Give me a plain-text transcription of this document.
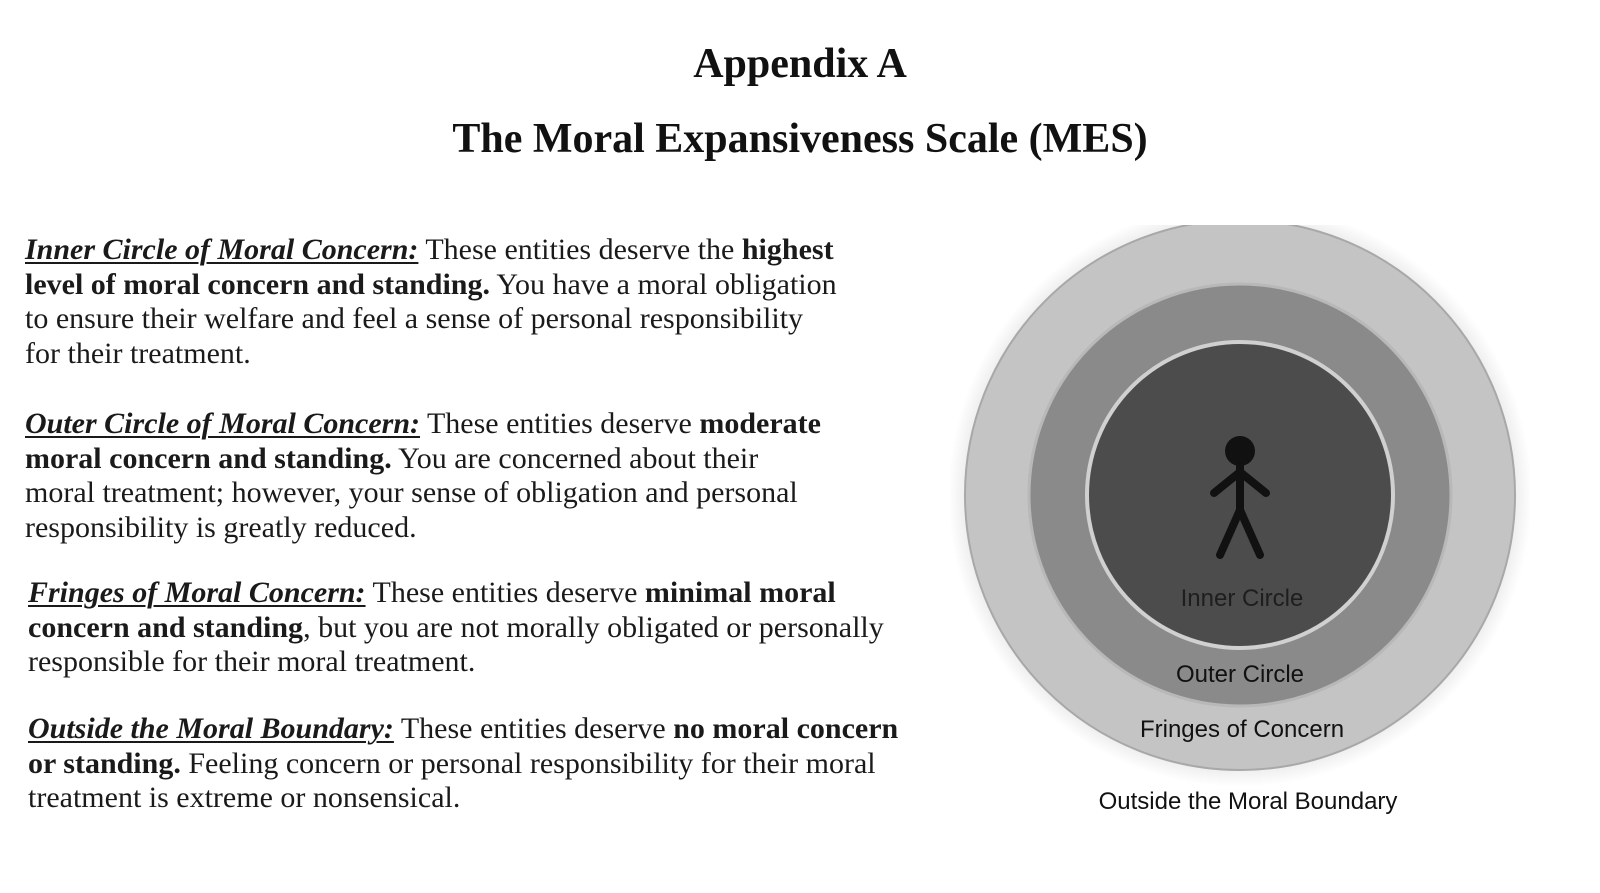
Appendix A
The Moral Expansiveness Scale (MES)
Inner Circle of Moral Concern: These entities deserve the highest
level of moral concern and standing. You have a moral obligation
to ensure their welfare and feel a sense of personal responsibility
for their treatment.
Outer Circle of Moral Concern: These entities deserve moderate
moral concern and standing. You are concerned about their
moral treatment; however, your sense of obligation and personal
responsibility is greatly reduced.
Fringes of Moral Concern: These entities deserve minimal moral
concern and standing, but you are not morally obligated or personally
responsible for their moral treatment.
Outside the Moral Boundary: These entities deserve no moral concern
or standing. Feeling concern or personal responsibility for their moral
treatment is extreme or nonsensical.
Inner Circle
Outer Circle
Fringes of Concern
Outside the Moral Boundary
